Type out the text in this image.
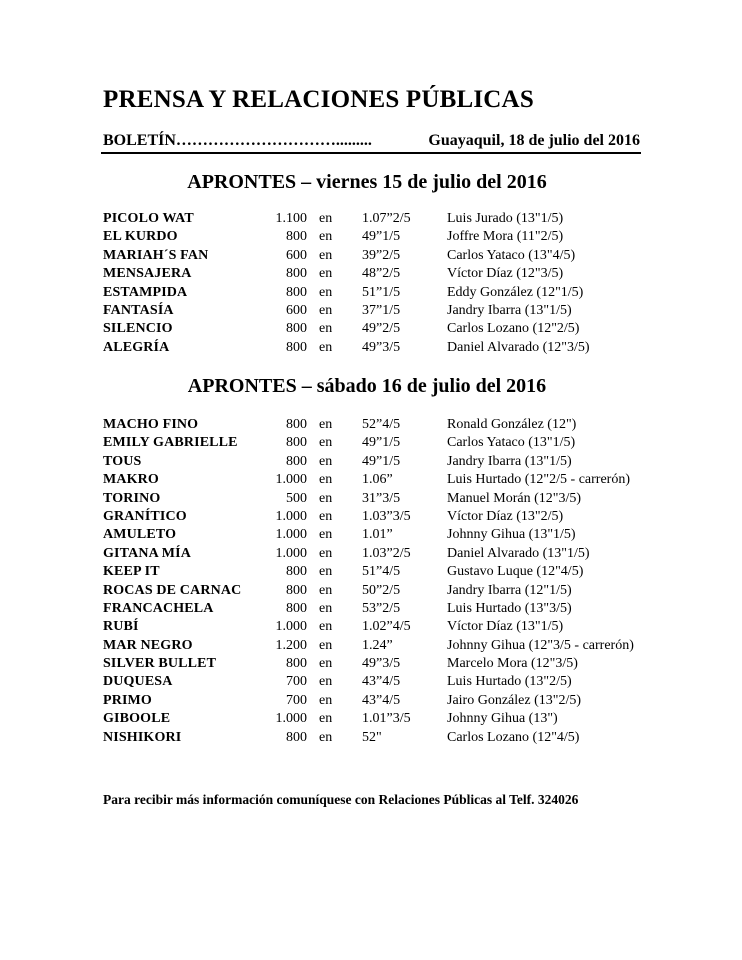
PRENSA Y RELACIONES PÚBLICAS
BOLETÍN………………………….........	Guayaquil, 18 de julio del 2016
APRONTES – viernes 15 de julio del 2016
PICOLO WAT	1.100 en 1.07”2/5	Luis Jurado (13"1/5)
EL KURDO	800 en 49”1/5	Joffre Mora (11"2/5)
MARIAH´S FAN	600 en 39”2/5	Carlos Yataco (13"4/5)
MENSAJERA	800 en 48”2/5	Víctor Díaz (12"3/5)
ESTAMPIDA	800 en 51”1/5	Eddy González (12"1/5)
FANTASÍA	600 en 37”1/5	Jandry Ibarra (13"1/5)
SILENCIO	800 en 49”2/5	Carlos Lozano (12"2/5)
ALEGRÍA	800 en 49”3/5	Daniel Alvarado (12"3/5)
APRONTES – sábado 16 de julio del 2016
MACHO FINO	800 en 52”4/5	Ronald González (12")
EMILY GABRIELLE	800 en 49”1/5	Carlos Yataco (13"1/5)
TOUS	800 en 49”1/5	Jandry Ibarra (13"1/5)
MAKRO	1.000 en 1.06”	Luis Hurtado (12"2/5 - carrerón)
TORINO	500 en 31”3/5	Manuel Morán (12"3/5)
GRANÍTICO	1.000 en 1.03”3/5	Víctor Díaz (13"2/5)
AMULETO	1.000 en 1.01”	Johnny Gihua (13"1/5)
GITANA MÍA	1.000 en 1.03”2/5	Daniel Alvarado (13"1/5)
KEEP IT	800 en 51”4/5	Gustavo Luque (12"4/5)
ROCAS DE CARNAC	800 en 50”2/5	Jandry Ibarra (12"1/5)
FRANCACHELA	800 en 53”2/5	Luis Hurtado (13"3/5)
RUBÍ	1.000 en 1.02”4/5	Víctor Díaz (13"1/5)
MAR NEGRO	1.200 en 1.24”	Johnny Gihua (12"3/5 - carrerón)
SILVER BULLET	800 en 49”3/5	Marcelo Mora (12"3/5)
DUQUESA	700 en 43”4/5	Luis Hurtado (13"2/5)
PRIMO	700 en 43”4/5	Jairo González (13"2/5)
GIBOOLE	1.000 en 1.01”3/5	Johnny Gihua (13")
NISHIKORI	800 en 52"	Carlos Lozano (12"4/5)
Para recibir más información comuníquese con Relaciones Públicas al Telf. 324026
